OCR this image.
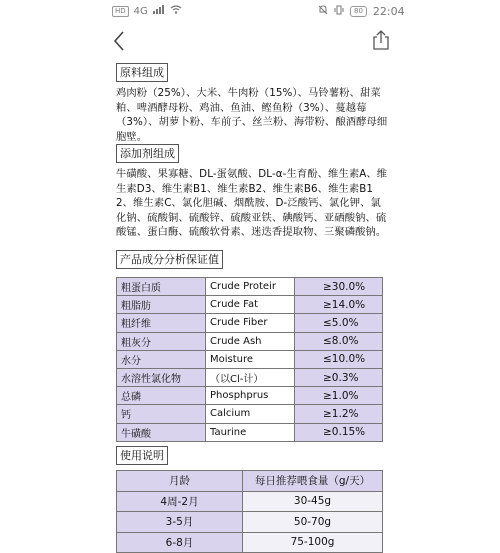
HD 4G	80 22:04
原料组成

鸡肉粉（25%）、大米、牛肉粉（15%）、马铃薯粉、甜菜粕、啤酒酵母粉、鸡油、鱼油、鲣鱼粉（3%）、蔓越莓（3%）、胡萝卜粉、车前子、丝兰粉、海带粉、酿酒酵母细胞壁。

添加剂组成

牛磺酸、果寡糖、DL-蛋氨酸、DL-α-生育酚、维生素A、维生素D3、维生素B1、维生素B2、维生素B6、维生素B12、维生素C、氯化胆碱、烟酰胺、D-泛酸钙、氯化钾、氯化钠、硫酸铜、硫酸锌、硫酸亚铁、碘酸钙、亚硒酸钠、硫酸锰、蛋白酶、硫酸软骨素、迷迭香提取物、三聚磷酸钠。

产品成分分析保证值
粗蛋白质	Crude Proteir	≥30.0%
粗脂肪	Crude Fat	≥14.0%
粗纤维	Crude Fiber	≤5.0%
粗灰分	Crude Ash	≤8.0%
水分	Moisture	≤10.0%
水溶性氯化物	（以Cl-计）	≥0.3%
总磷	Phosphprus	≥1.0%
钙	Calcium	≥1.2%
牛磺酸	Taurine	≥0.15%
使用说明
月龄	每日推荐喂食量（g/天）
4周-2月	30-45g
3-5月	50-70g
6-8月	75-100g
